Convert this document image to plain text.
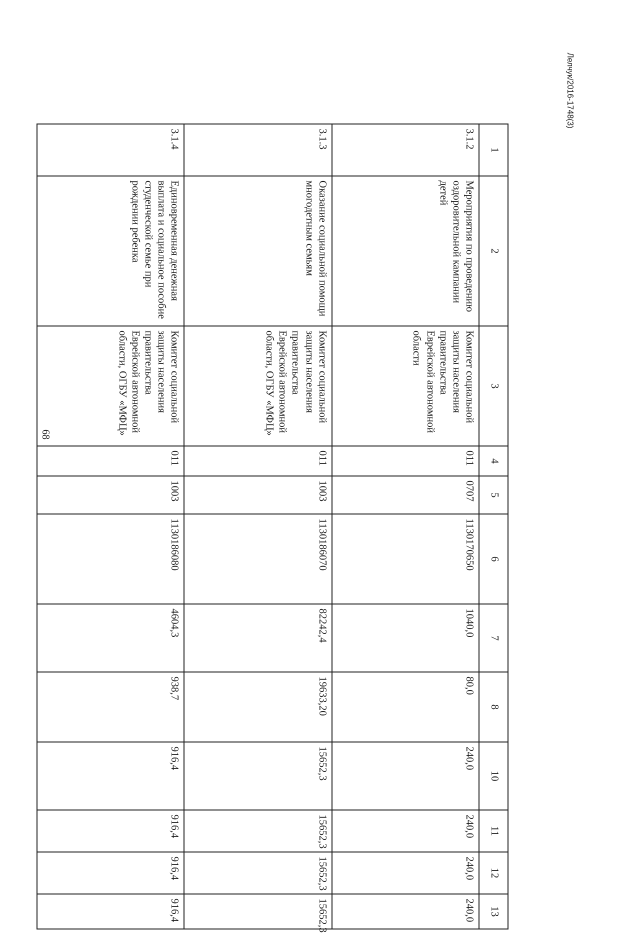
68
Лелчук/2016-1748(3)
1	2	3	4	5	6	7	8	10	11	12	13
3.1.2	Мероприятия по проведению оздоровительной кампании детей	Комитет социальной защиты населения правительства Еврейской автономной области	011	0707	1130170650	1040,0	80,0	240,0	240,0	240,0	240,0
3.1.3	Оказание социальной помощи многодетным семьям	Комитет социальной защиты населения правительства Еврейской автономной области, ОГБУ «МФЦ»	011	1003	1130186070	82242,4	19633,20	15652,3	15652,3	15652,3	15652,3
3.1.4	Единовременная денежная выплата и социальное пособие студенческой семье при рождении ребенка	Комитет социальной защиты населения правительства Еврейской автономной области, ОГБУ «МФЦ»	011	1003	1130186080	4604,3	938,7	916,4	916,4	916,4	916,4
